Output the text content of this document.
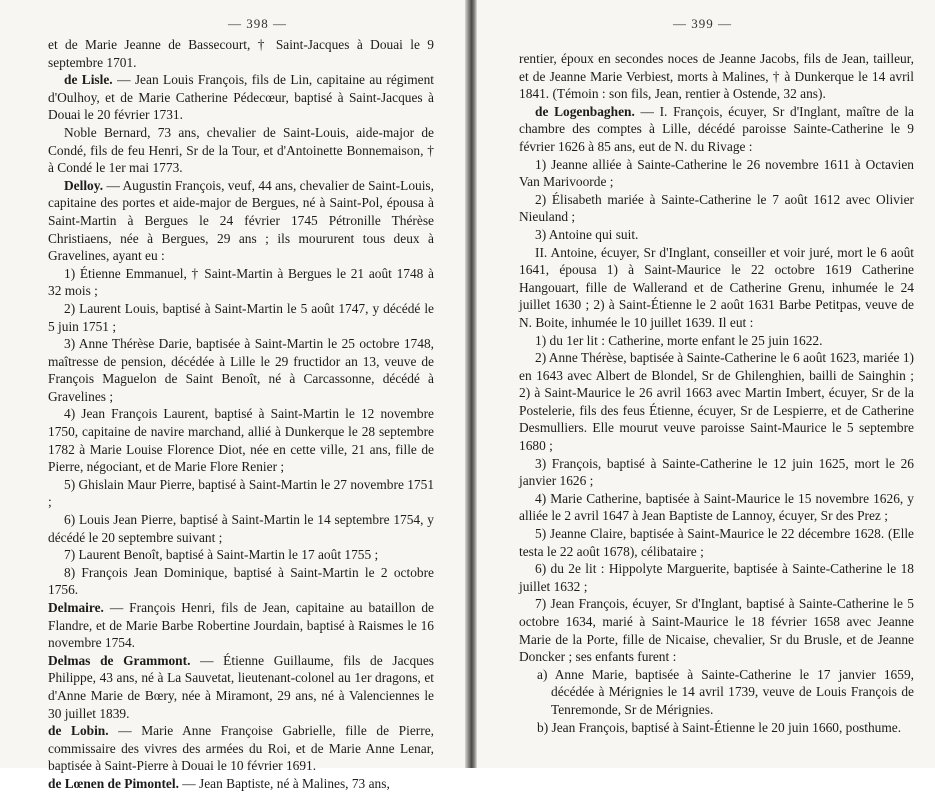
— 398 —

et de Marie Jeanne de Bassecourt, † Saint-Jacques à Douai le 9 septembre 1701.

de Lisle. — Jean Louis François, fils de Lin, capitaine au régiment d'Oulhoy, et de Marie Catherine Pédecœur, baptisé à Saint-Jacques à Douai le 20 février 1731.

Noble Bernard, 73 ans, chevalier de Saint-Louis, aide-major de Condé, fils de feu Henri, Sr de la Tour, et d'Antoinette Bonnemaison, † à Condé le 1er mai 1773.

Delloy. — Augustin François, veuf, 44 ans, chevalier de Saint-Louis, capitaine des portes et aide-major de Bergues, né à Saint-Pol, épousa à Saint-Martin à Bergues le 24 février 1745 Pétronille Thérèse Christiaens, née à Bergues, 29 ans ; ils moururent tous deux à Gravelines, ayant eu :

1) Étienne Emmanuel, † Saint-Martin à Bergues le 21 août 1748 à 32 mois ;

2) Laurent Louis, baptisé à Saint-Martin le 5 août 1747, y décédé le 5 juin 1751 ;

3) Anne Thérèse Darie, baptisée à Saint-Martin le 25 octobre 1748, maîtresse de pension, décédée à Lille le 29 fructidor an 13, veuve de François Maguelon de Saint Benoît, né à Carcassonne, décédé à Gravelines ;

4) Jean François Laurent, baptisé à Saint-Martin le 12 novembre 1750, capitaine de navire marchand, allié à Dunkerque le 28 septembre 1782 à Marie Louise Florence Diot, née en cette ville, 21 ans, fille de Pierre, négociant, et de Marie Flore Renier ;

5) Ghislain Maur Pierre, baptisé à Saint-Martin le 27 novembre 1751 ;

6) Louis Jean Pierre, baptisé à Saint-Martin le 14 septembre 1754, y décédé le 20 septembre suivant ;

7) Laurent Benoît, baptisé à Saint-Martin le 17 août 1755 ;

8) François Jean Dominique, baptisé à Saint-Martin le 2 octobre 1756.

Delmaire. — François Henri, fils de Jean, capitaine au bataillon de Flandre, et de Marie Barbe Robertine Jourdain, baptisé à Raismes le 16 novembre 1754.

Delmas de Grammont. — Étienne Guillaume, fils de Jacques Philippe, 43 ans, né à La Sauvetat, lieutenant-colonel au 1er dragons, et d'Anne Marie de Bœry, née à Miramont, 29 ans, né à Valenciennes le 30 juillet 1839.

de Lobin. — Marie Anne Françoise Gabrielle, fille de Pierre, commissaire des vivres des armées du Roi, et de Marie Anne Lenar, baptisée à Saint-Pierre à Douai le 10 février 1691.

de Lœnen de Pimontel. — Jean Baptiste, né à Malines, 73 ans,

— 399 —

rentier, époux en secondes noces de Jeanne Jacobs, fils de Jean, tailleur, et de Jeanne Marie Verbiest, morts à Malines, † à Dunkerque le 14 avril 1841. (Témoin : son fils, Jean, rentier à Ostende, 32 ans).

de Logenbaghen. — I. François, écuyer, Sr d'Inglant, maître de la chambre des comptes à Lille, décédé paroisse Sainte-Catherine le 9 février 1626 à 85 ans, eut de N. du Rivage :

1) Jeanne alliée à Sainte-Catherine le 26 novembre 1611 à Octavien Van Marivoorde ;

2) Élisabeth mariée à Sainte-Catherine le 7 août 1612 avec Olivier Nieuland ;

3) Antoine qui suit.

II. Antoine, écuyer, Sr d'Inglant, conseiller et voir juré, mort le 6 août 1641, épousa 1) à Saint-Maurice le 22 octobre 1619 Catherine Hangouart, fille de Wallerand et de Catherine Grenu, inhumée le 24 juillet 1630 ; 2) à Saint-Étienne le 2 août 1631 Barbe Petitpas, veuve de N. Boite, inhumée le 10 juillet 1639. Il eut :

1) du 1er lit : Catherine, morte enfant le 25 juin 1622.

2) Anne Thérèse, baptisée à Sainte-Catherine le 6 août 1623, mariée 1) en 1643 avec Albert de Blondel, Sr de Ghilenghien, bailli de Sainghin ; 2) à Saint-Maurice le 26 avril 1663 avec Martin Imbert, écuyer, Sr de la Postelerie, fils des feus Étienne, écuyer, Sr de Lespierre, et de Catherine Desmulliers. Elle mourut veuve paroisse Saint-Maurice le 5 septembre 1680 ;

3) François, baptisé à Sainte-Catherine le 12 juin 1625, mort le 26 janvier 1626 ;

4) Marie Catherine, baptisée à Saint-Maurice le 15 novembre 1626, y alliée le 2 avril 1647 à Jean Baptiste de Lannoy, écuyer, Sr des Prez ;

5) Jeanne Claire, baptisée à Saint-Maurice le 22 décembre 1628. (Elle testa le 22 août 1678), célibataire ;

6) du 2e lit : Hippolyte Marguerite, baptisée à Sainte-Catherine le 18 juillet 1632 ;

7) Jean François, écuyer, Sr d'Inglant, baptisé à Sainte-Catherine le 5 octobre 1634, marié à Saint-Maurice le 18 février 1658 avec Jeanne Marie de la Porte, fille de Nicaise, chevalier, Sr du Brusle, et de Jeanne Doncker ; ses enfants furent :

a) Anne Marie, baptisée à Sainte-Catherine le 17 janvier 1659, décédée à Mérignies le 14 avril 1739, veuve de Louis François de Tenremonde, Sr de Mérignies.

b) Jean François, baptisé à Saint-Étienne le 20 juin 1660, posthume.
